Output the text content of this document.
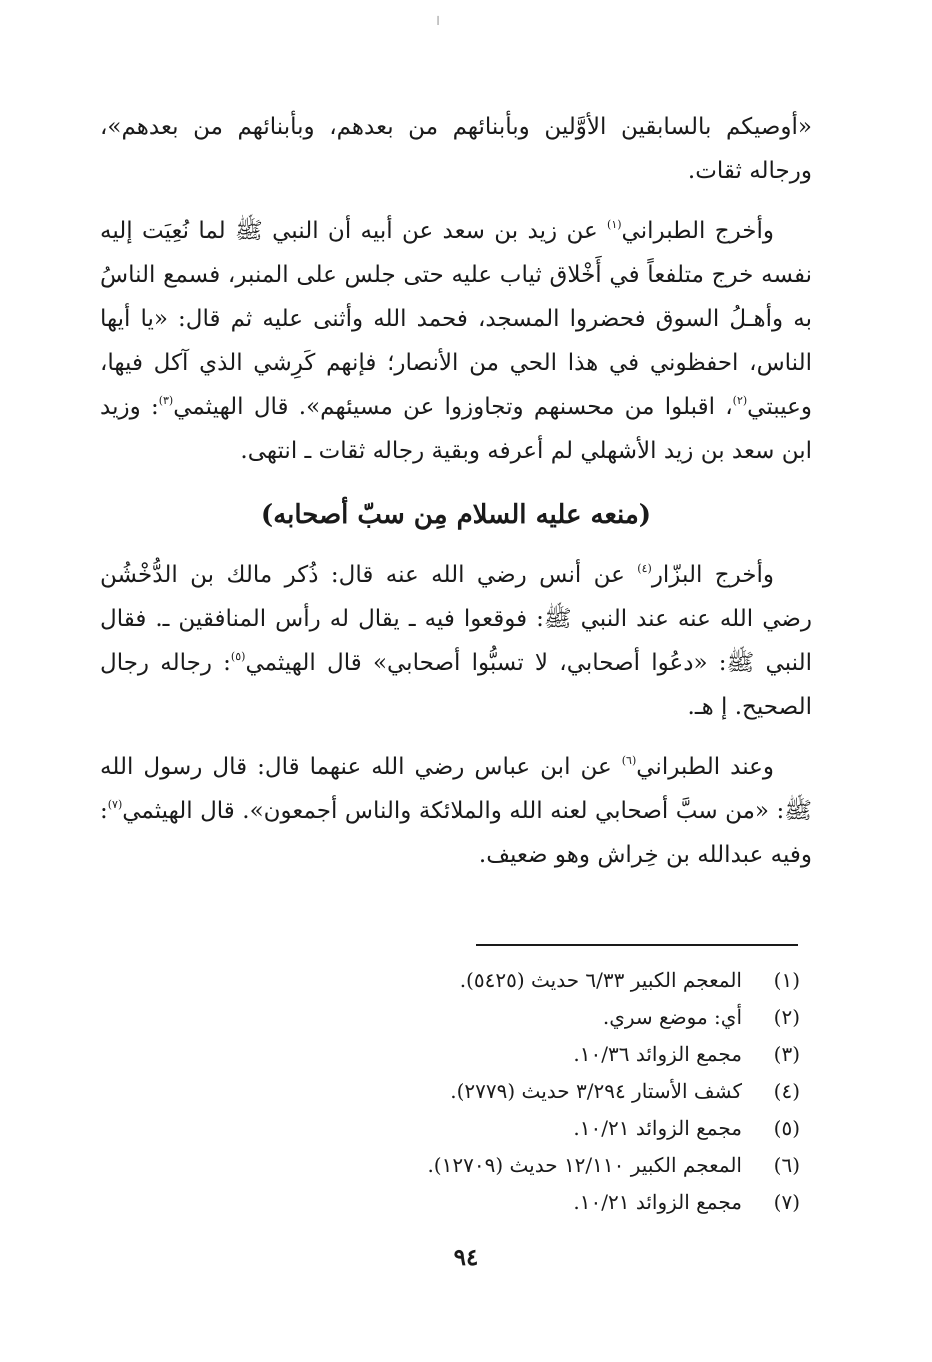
ا

«أوصيكم بالسابقين الأوَّلين وبأبنائهم من بعدهم، وبأبنائهم من بعدهم»، ورجاله ثقات.

وأخرج الطبراني$^{(١)}$ عن زيد بن سعد عن أبيه أن النبي ﷺ لما نُعِيَت إليه نفسه خرج متلفعاً في أَخْلاق ثياب عليه حتى جلس على المنبر، فسمع الناسُ به وأهـلُ السوق فحضروا المسجد، فحمد الله وأثنى عليه ثم قال: «يا أيها الناس، احفظوني في هذا الحي من الأنصار؛ فإنهم كَرِشي الذي آكل فيها، وعيبتي$^{(٢)}$، اقبلوا من محسنهم وتجاوزوا عن مسيئهم». قال الهيثمي$^{(٣)}$: وزيد ابن سعد بن زيد الأشهلي لم أعرفه وبقية رجاله ثقات ـ انتهى.

(منعه عليه السلام مِن سبّ أصحابه)

وأخرج البزّار$^{(٤)}$ عن أنس رضي الله عنه قال: ذُكر مالك بن الدُّخْشُن رضي الله عنه عند النبي ﷺ: فوقعوا فيه ـ يقال له رأس المنافقين ـ. فقال النبي ﷺ: «دعُوا أصحابي، لا تسبُّوا أصحابي» قال الهيثمي$^{(٥)}$: رجاله رجال الصحيح. إ هـ.

وعند الطبراني$^{(٦)}$ عن ابن عباس رضي الله عنهما قال: قال رسول الله ﷺ: «من سبَّ أصحابي لعنه الله والملائكة والناس أجمعون». قال الهيثمي$^{(٧)}$: وفيه عبدالله بن خِراش وهو ضعيف.

(١)
المعجم الكبير ٦/٣٣ حديث (٥٤٢٥).
(٢)
أي: موضع سري.
(٣)
مجمع الزوائد ١٠/٣٦.
(٤)
كشف الأستار ٣/٢٩٤ حديث (٢٧٧٩).
(٥)
مجمع الزوائد ١٠/٢١.
(٦)
المعجم الكبير ١٢/١١٠ حديث (١٢٧٠٩).
(٧)
مجمع الزوائد ١٠/٢١.
٩٤
